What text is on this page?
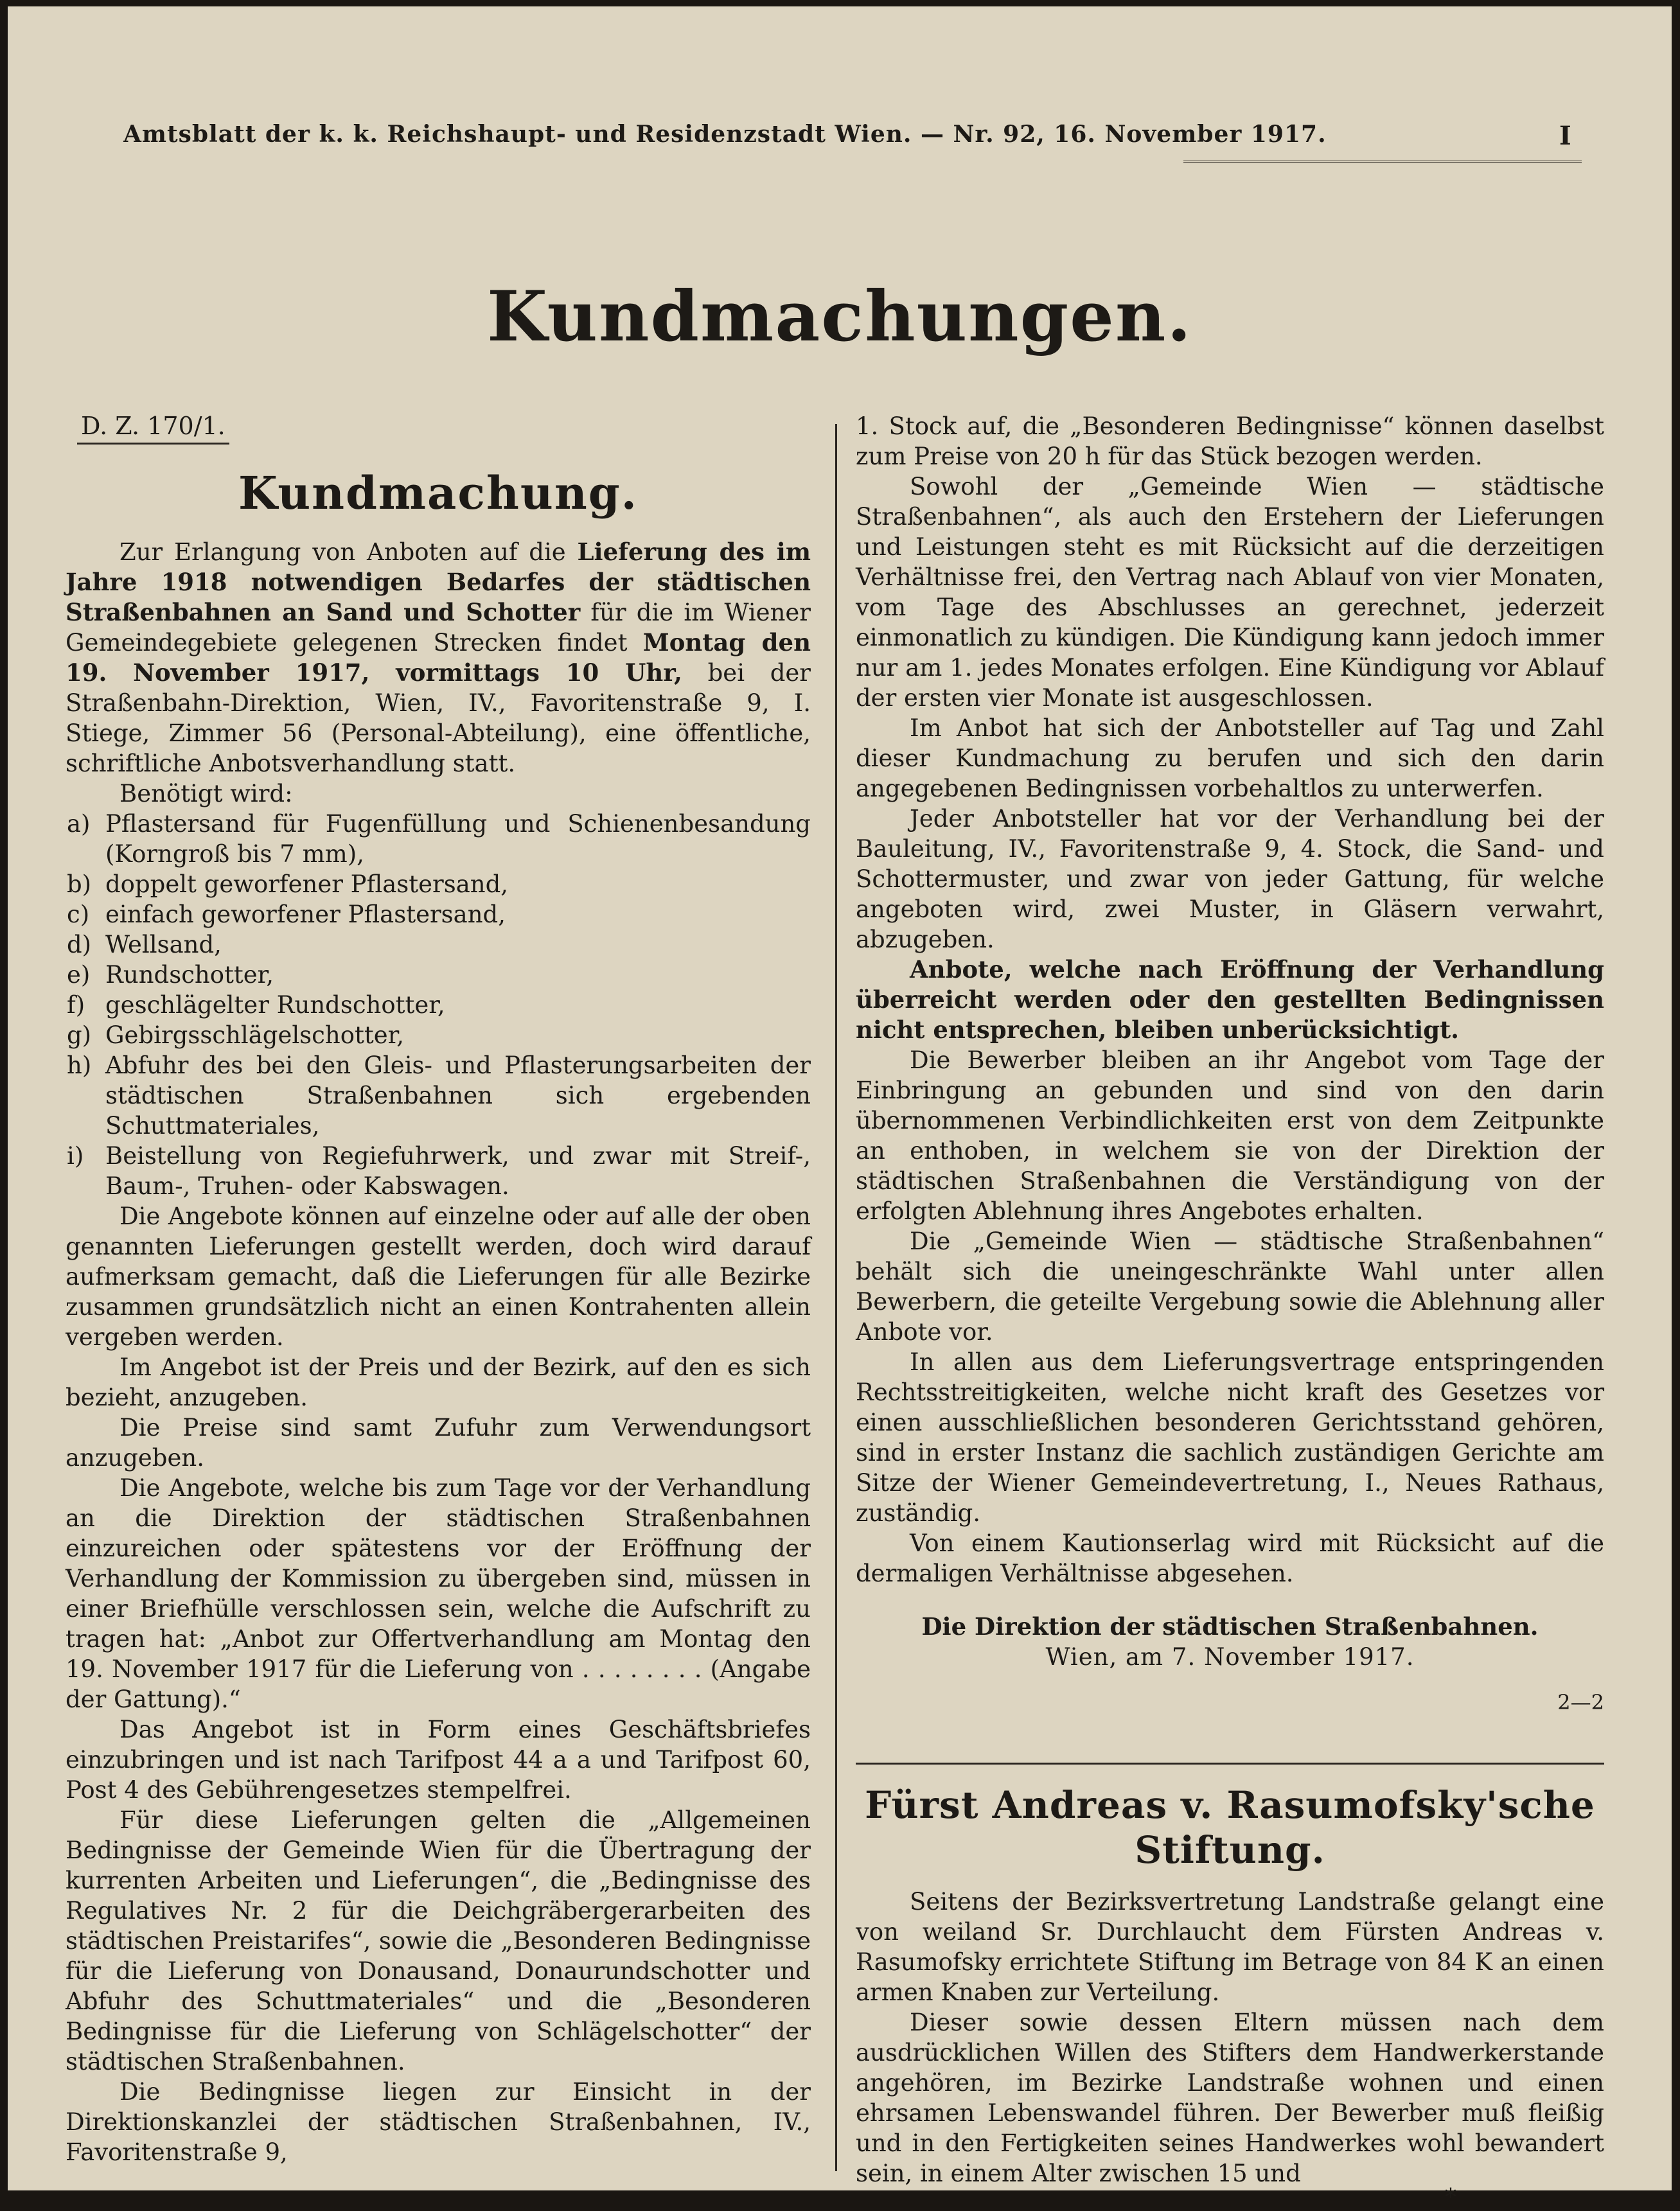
Amtsblatt der k. k. Reichshaupt- und Residenzstadt Wien. — Nr. 92, 16. November 1917.	I
Kundmachungen.
D. Z. 170/1.
Kundmachung.

Zur Erlangung von Anboten auf die Lieferung des im Jahre 1918 notwendigen Bedarfes der städtischen Straßenbahnen an Sand und Schotter für die im Wiener Gemeindegebiete gelegenen Strecken findet Montag den 19. November 1917, vormittags 10 Uhr, bei der Straßenbahn-Direktion, Wien, IV., Favoritenstraße 9, I. Stiege, Zimmer 56 (Personal-Abteilung), eine öffentliche, schriftliche Anbotsverhandlung statt.

Benötigt wird:

a) Pflastersand für Fugenfüllung und Schienenbesandung (Korngroß bis 7 mm),
b) doppelt geworfener Pflastersand,
c) einfach geworfener Pflastersand,
d) Wellsand,
e) Rundschotter,
f) geschlägelter Rundschotter,
g) Gebirgsschlägelschotter,
h) Abfuhr des bei den Gleis- und Pflasterungsarbeiten der städtischen Straßenbahnen sich ergebenden Schuttmateriales,
i) Beistellung von Regiefuhrwerk, und zwar mit Streif-, Baum-, Truhen- oder Kabswagen.

Die Angebote können auf einzelne oder auf alle der oben genannten Lieferungen gestellt werden, doch wird darauf aufmerksam gemacht, daß die Lieferungen für alle Bezirke zusammen grundsätzlich nicht an einen Kontrahenten allein vergeben werden.

Im Angebot ist der Preis und der Bezirk, auf den es sich bezieht, anzugeben.

Die Preise sind samt Zufuhr zum Verwendungsort anzugeben.

Die Angebote, welche bis zum Tage vor der Verhandlung an die Direktion der städtischen Straßenbahnen einzureichen oder spätestens vor der Eröffnung der Verhandlung der Kommission zu übergeben sind, müssen in einer Briefhülle verschlossen sein, welche die Aufschrift zu tragen hat: „Anbot zur Offertverhandlung am Montag den 19. November 1917 für die Lieferung von . . . . . . . . (Angabe der Gattung).“

Das Angebot ist in Form eines Geschäftsbriefes einzubringen und ist nach Tarifpost 44 a a und Tarifpost 60, Post 4 des Gebührengesetzes stempelfrei.

Für diese Lieferungen gelten die „Allgemeinen Bedingnisse der Gemeinde Wien für die Übertragung der kurrenten Arbeiten und Lieferungen“, die „Bedingnisse des Regulatives Nr. 2 für die Deichgräbergerarbeiten des städtischen Preistarifes“, sowie die „Besonderen Bedingnisse für die Lieferung von Donausand, Donaurundschotter und Abfuhr des Schuttmateriales“ und die „Besonderen Bedingnisse für die Lieferung von Schlägelschotter“ der städtischen Straßenbahnen.

Die Bedingnisse liegen zur Einsicht in der Direktionskanzlei der städtischen Straßenbahnen, IV., Favoritenstraße 9,

1. Stock auf, die „Besonderen Bedingnisse“ können daselbst zum Preise von 20 h für das Stück bezogen werden.

Sowohl der „Gemeinde Wien — städtische Straßenbahnen“, als auch den Erstehern der Lieferungen und Leistungen steht es mit Rücksicht auf die derzeitigen Verhältnisse frei, den Vertrag nach Ablauf von vier Monaten, vom Tage des Abschlusses an gerechnet, jederzeit einmonatlich zu kündigen. Die Kündigung kann jedoch immer nur am 1. jedes Monates erfolgen. Eine Kündigung vor Ablauf der ersten vier Monate ist ausgeschlossen.

Im Anbot hat sich der Anbotsteller auf Tag und Zahl dieser Kundmachung zu berufen und sich den darin angegebenen Bedingnissen vorbehaltlos zu unterwerfen.

Jeder Anbotsteller hat vor der Verhandlung bei der Bauleitung, IV., Favoritenstraße 9, 4. Stock, die Sand- und Schottermuster, und zwar von jeder Gattung, für welche angeboten wird, zwei Muster, in Gläsern verwahrt, abzugeben.

Anbote, welche nach Eröffnung der Verhandlung überreicht werden oder den gestellten Bedingnissen nicht entsprechen, bleiben unberücksichtigt.

Die Bewerber bleiben an ihr Angebot vom Tage der Einbringung an gebunden und sind von den darin übernommenen Verbindlichkeiten erst von dem Zeitpunkte an enthoben, in welchem sie von der Direktion der städtischen Straßenbahnen die Verständigung von der erfolgten Ablehnung ihres Angebotes erhalten.

Die „Gemeinde Wien — städtische Straßenbahnen“ behält sich die uneingeschränkte Wahl unter allen Bewerbern, die geteilte Vergebung sowie die Ablehnung aller Anbote vor.

In allen aus dem Lieferungsvertrage entspringenden Rechtsstreitigkeiten, welche nicht kraft des Gesetzes vor einen ausschließlichen besonderen Gerichtsstand gehören, sind in erster Instanz die sachlich zuständigen Gerichte am Sitze der Wiener Gemeindevertretung, I., Neues Rathaus, zuständig.

Von einem Kautionserlag wird mit Rücksicht auf die dermaligen Verhältnisse abgesehen.

Die Direktion der städtischen Straßenbahnen.
Wien, am 7. November 1917.
2—2
Fürst Andreas v. Rasumofsky'sche Stiftung.

Seitens der Bezirksvertretung Landstraße gelangt eine von weiland Sr. Durchlaucht dem Fürsten Andreas v. Rasumofsky errichtete Stiftung im Betrage von 84 K an einen armen Knaben zur Verteilung.

Dieser sowie dessen Eltern müssen nach dem ausdrücklichen Willen des Stifters dem Handwerkerstande angehören, im Bezirke Landstraße wohnen und einen ehrsamen Lebenswandel führen. Der Bewerber muß fleißig und in den Fertigkeiten seines Handwerkes wohl bewandert sein, in einem Alter zwischen 15 und

*
